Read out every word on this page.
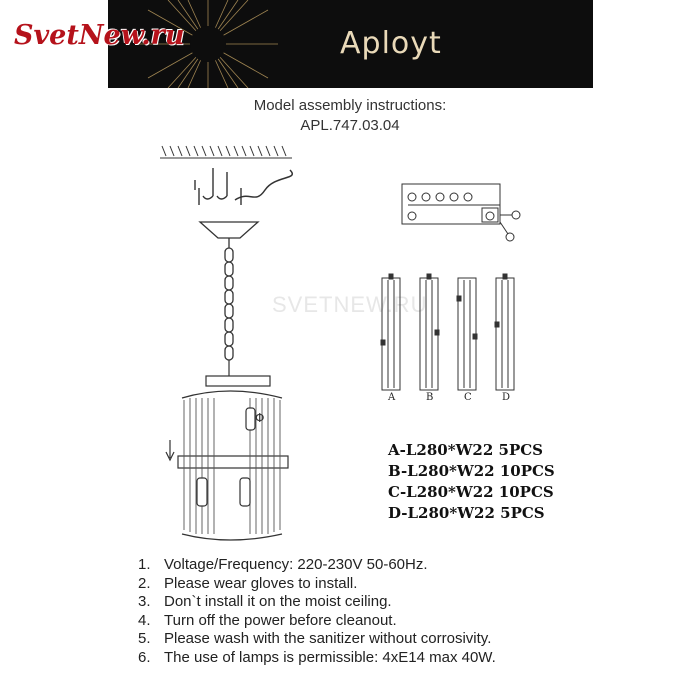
Aployt
SvetNew.ru
Model assembly instructions:
APL.747.03.04
SVETNEW.RU
Φ
A	B	C	D
A-L280*W22 5PCS
B-L280*W22 10PCS
C-L280*W22 10PCS
D-L280*W22 5PCS
1. Voltage/Frequency: 220-230V 50-60Hz.
2. Please wear gloves to install.
3. Don`t install it on the moist ceiling.
4. Turn off the power before cleanout.
5. Please wash with the sanitizer without corrosivity.
6. The use of lamps is permissible: 4xE14 max 40W.
